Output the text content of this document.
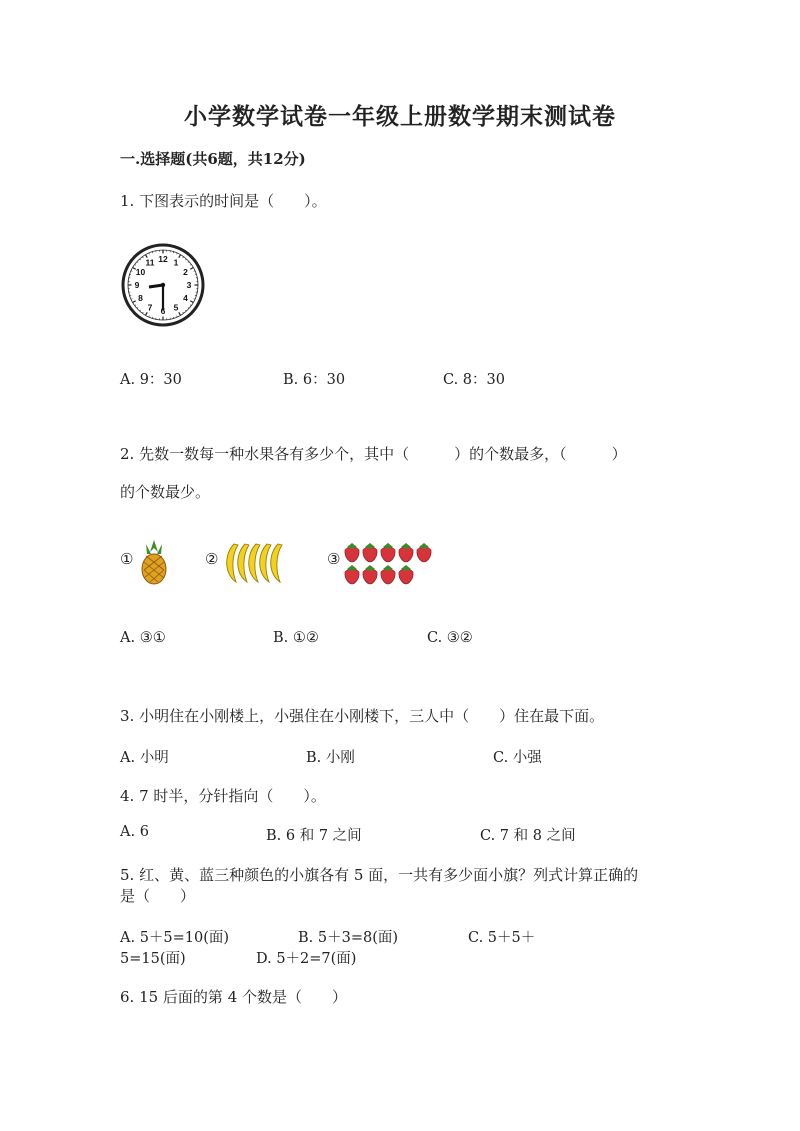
小学数学试卷一年级上册数学期末测试卷
一.选择题(共6题，共12分)
1. 下图表示的时间是（　　）。
12 1
2
3
4
5
6
7
8
9
10
11
A. 9：30	B. 6：30	C. 8：30
2. 先数一数每一种水果各有多少个，其中（　　　）的个数最多，（　　　）
的个数最少。
①	②	③
A. ③①	B. ①②	C. ③②
3. 小明住在小刚楼上，小强住在小刚楼下，三人中（　　）住在最下面。
A. 小明	B. 小刚	C. 小强
4. 7 时半，分针指向（　　）。
A. 6	B. 6 和 7 之间	C. 7 和 8 之间
5. 红、黄、蓝三种颜色的小旗各有 5 面，一共有多少面小旗？列式计算正确的
是（　　）
A. 5＋5=10(面)	B. 5＋3=8(面)	C. 5＋5＋
5=15(面)	D. 5＋2=7(面)
6. 15 后面的第 4 个数是（　　）
